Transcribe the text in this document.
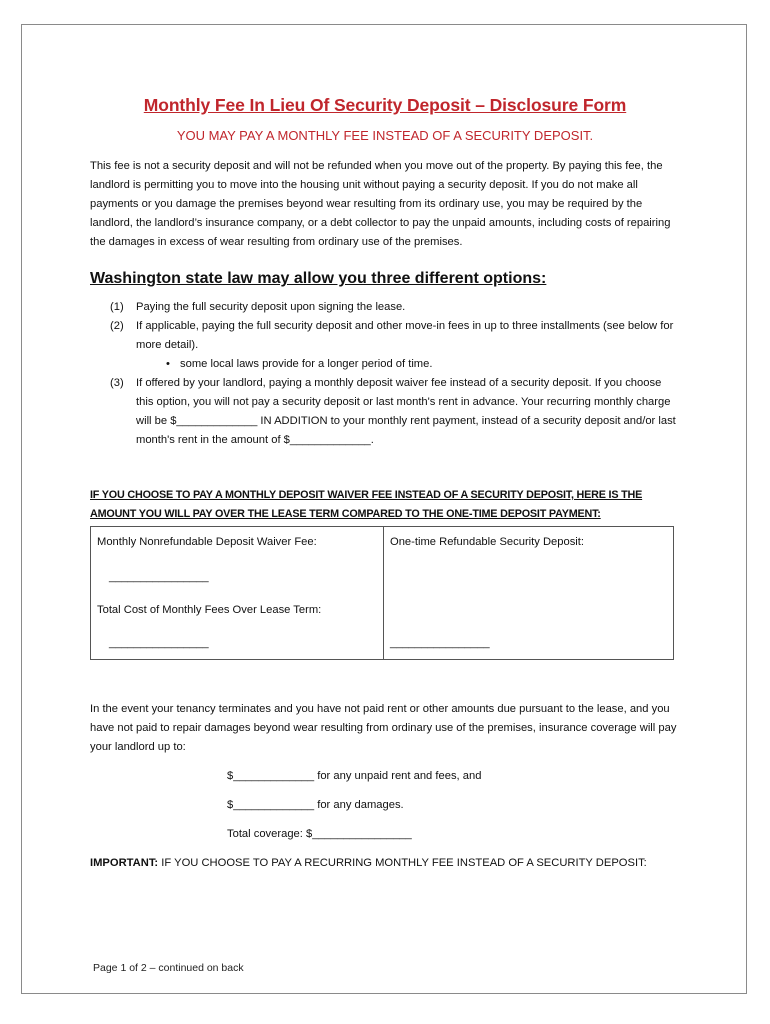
Monthly Fee In Lieu Of Security Deposit – Disclosure Form

YOU MAY PAY A MONTHLY FEE INSTEAD OF A SECURITY DEPOSIT.

This fee is not a security deposit and will not be refunded when you move out of the property. By paying this fee, the landlord is permitting you to move into the housing unit without paying a security deposit. If you do not make all payments or you damage the premises beyond wear resulting from its ordinary use, you may be required by the landlord, the landlord’s insurance company, or a debt collector to pay the unpaid amounts, including costs of repairing the damages in excess of wear resulting from ordinary use of the premises.

Washington state law may allow you three different options:

(1) Paying the full security deposit upon signing the lease.
(2) If applicable, paying the full security deposit and other move-in fees in up to three installments (see below for more detail).
• some local laws provide for a longer period of time.
(3) If offered by your landlord, paying a monthly deposit waiver fee instead of a security deposit. If you choose this option, you will not pay a security deposit or last month's rent in advance. Your recurring monthly charge will be $_____________ IN ADDITION to your monthly rent payment, instead of a security deposit and/or last month's rent in the amount of $_____________.

IF YOU CHOOSE TO PAY A MONTHLY DEPOSIT WAIVER FEE INSTEAD OF A SECURITY DEPOSIT, HERE IS THE AMOUNT YOU WILL PAY OVER THE LEASE TERM COMPARED TO THE ONE-TIME DEPOSIT PAYMENT:

Monthly Nonrefundable Deposit Waiver Fee:

________________

Total Cost of Monthly Fees Over Lease Term:

________________

One-time Refundable Security Deposit:

________________

In the event your tenancy terminates and you have not paid rent or other amounts due pursuant to the lease, and you have not paid to repair damages beyond wear resulting from ordinary use of the premises, insurance coverage will pay your landlord up to:

$_____________ for any unpaid rent and fees, and

$_____________ for any damages.

Total coverage: $________________

IMPORTANT: IF YOU CHOOSE TO PAY A RECURRING MONTHLY FEE INSTEAD OF A SECURITY DEPOSIT:

Page 1 of 2 – continued on back
